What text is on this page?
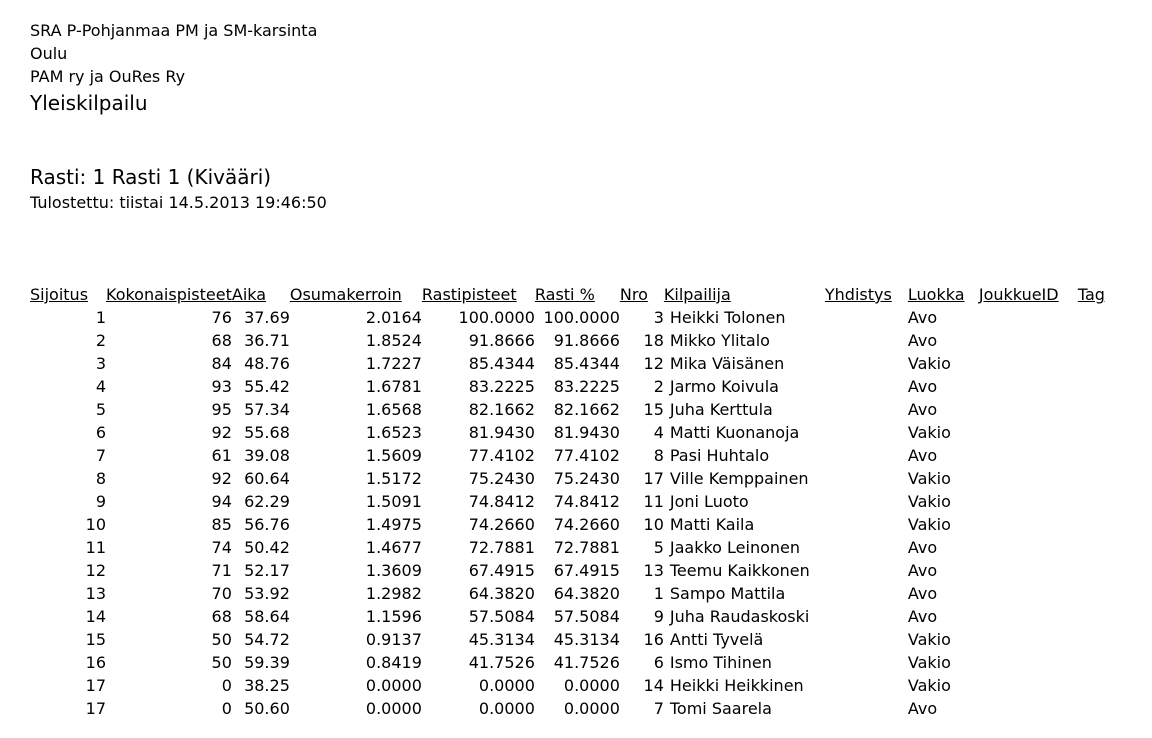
SRA P-Pohjanmaa PM ja SM-karsinta
Oulu
PAM ry ja OuRes Ry
Yleiskilpailu
Rasti: 1 Rasti 1 (Kivääri)
Tulostettu: tiistai 14.5.2013 19:46:50
Sijoitus	Kokonaispisteet	Aika	Osumakerroin	Rastipisteet	Rasti %	Nro	Kilpailija	Yhdistys	Luokka	JoukkueID	Tag
1	76	37.69	2.0164	100.0000	100.0000	3	Heikki Tolonen		Avo		
2	68	36.71	1.8524	91.8666	91.8666	18	Mikko Ylitalo		Avo		
3	84	48.76	1.7227	85.4344	85.4344	12	Mika Väisänen		Vakio		
4	93	55.42	1.6781	83.2225	83.2225	2	Jarmo Koivula		Avo		
5	95	57.34	1.6568	82.1662	82.1662	15	Juha Kerttula		Avo		
6	92	55.68	1.6523	81.9430	81.9430	4	Matti Kuonanoja		Vakio		
7	61	39.08	1.5609	77.4102	77.4102	8	Pasi Huhtalo		Avo		
8	92	60.64	1.5172	75.2430	75.2430	17	Ville Kemppainen		Vakio		
9	94	62.29	1.5091	74.8412	74.8412	11	Joni Luoto		Vakio		
10	85	56.76	1.4975	74.2660	74.2660	10	Matti Kaila		Vakio		
11	74	50.42	1.4677	72.7881	72.7881	5	Jaakko Leinonen		Avo		
12	71	52.17	1.3609	67.4915	67.4915	13	Teemu Kaikkonen		Avo		
13	70	53.92	1.2982	64.3820	64.3820	1	Sampo Mattila		Avo		
14	68	58.64	1.1596	57.5084	57.5084	9	Juha Raudaskoski		Avo		
15	50	54.72	0.9137	45.3134	45.3134	16	Antti Tyvelä		Vakio		
16	50	59.39	0.8419	41.7526	41.7526	6	Ismo Tihinen		Vakio		
17	0	38.25	0.0000	0.0000	0.0000	14	Heikki Heikkinen		Vakio		
17	0	50.60	0.0000	0.0000	0.0000	7	Tomi Saarela		Avo		
